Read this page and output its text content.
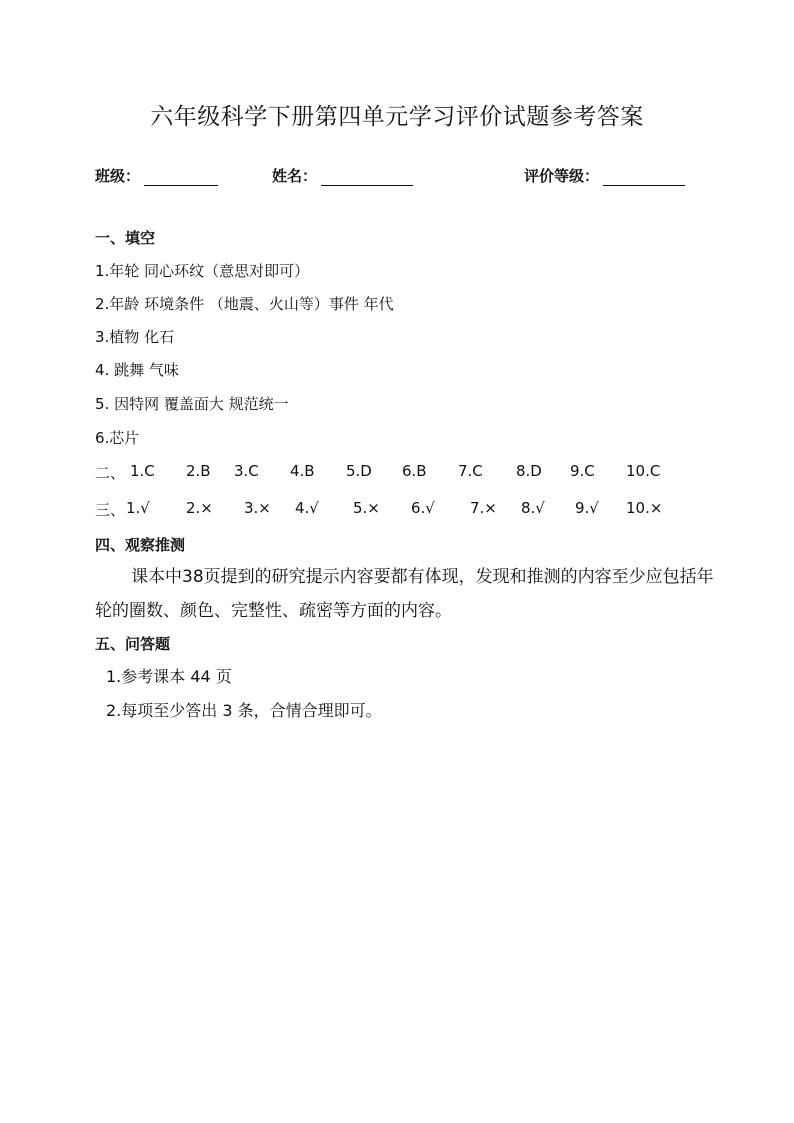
六年级科学下册第四单元学习评价试题参考答案
班级：	姓名：	评价等级：
一、填空
1.年轮 同心环纹（意思对即可）
2.年龄 环境条件 （地震、火山等）事件 年代
3.植物 化石
4. 跳舞 气味
5. 因特网 覆盖面大 规范统一
6.芯片
二、 1.C 2.B 3.C 4.B 5.D 6.B 7.C 8.D 9.C 10.C
三、 1.√ 2.× 3.× 4.√ 5.× 6.√ 7.× 8.√ 9.√ 10.×
四、观察推测
课本中38页提到的研究提示内容要都有体现，发现和推测的内容至少应包括年轮的圈数、颜色、完整性、疏密等方面的内容。
五、问答题
1.参考课本 44 页
2.每项至少答出 3 条，合情合理即可。
